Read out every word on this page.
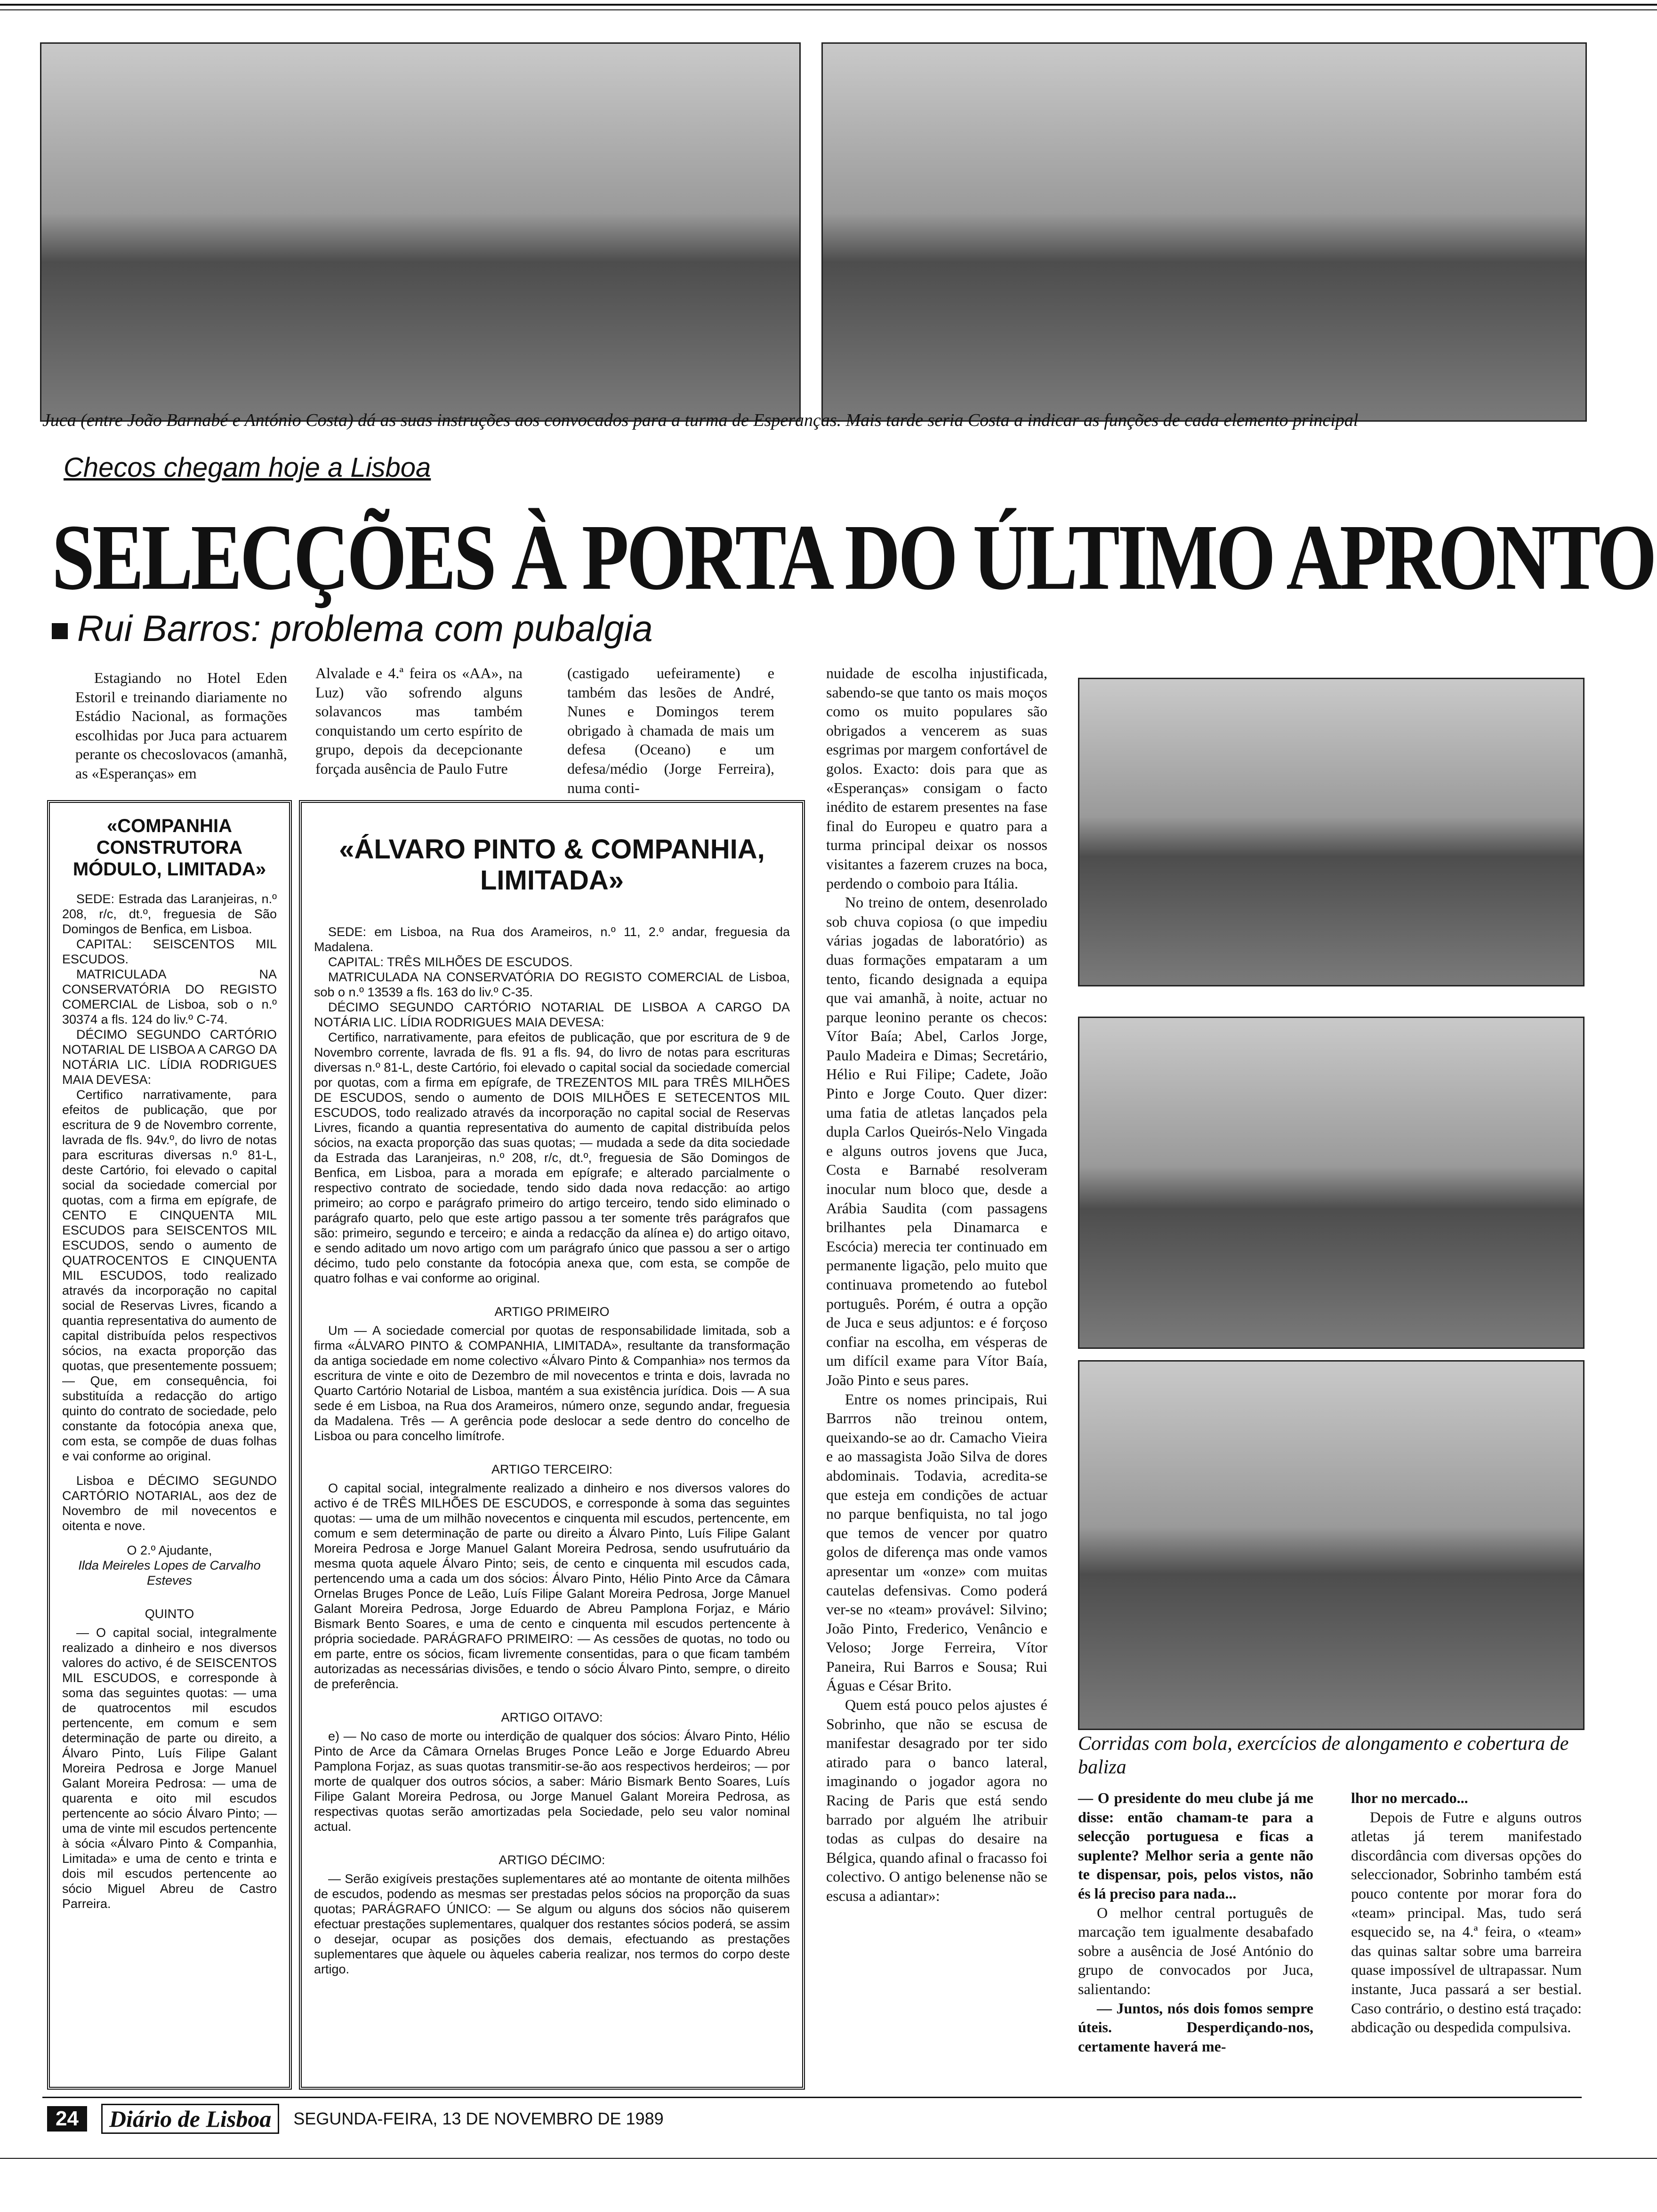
Juca (entre João Barnabé e António Costa) dá as suas instruções aos convocados para a turma de Esperanças. Mais tarde seria Costa a indicar as funções de cada elemento principal
Checos chegam hoje a Lisboa
SELECÇÕES À PORTA DO ÚLTIMO APRONTO
Rui Barros: problema com pubalgia

Estagiando no Hotel Eden Estoril e treinando diariamente no Estádio Nacional, as formações escolhidas por Juca para actuarem perante os checoslovacos (amanhã, as «Esperanças» em

Alvalade e 4.ª feira os «AA», na Luz) vão sofrendo alguns solavancos mas também conquistando um certo espírito de grupo, depois da decepcionante forçada ausência de Paulo Futre

(castigado uefeiramente) e também das lesões de André, Nunes e Domingos terem obrigado à chamada de mais um defesa (Oceano) e um defesa/médio (Jorge Ferreira), numa conti-

«COMPANHIA CONSTRUTORA MÓDULO, LIMITADA»

SEDE: Estrada das Laranjeiras, n.º 208, r/c, dt.º, freguesia de São Domingos de Benfica, em Lisboa.

CAPITAL: SEISCENTOS MIL ESCUDOS.

MATRICULADA NA CONSERVATÓRIA DO REGISTO COMERCIAL de Lisboa, sob o n.º 30374 a fls. 124 do liv.º C-74.

DÉCIMO SEGUNDO CARTÓRIO NOTARIAL DE LISBOA A CARGO DA NOTÁRIA LIC. LÍDIA RODRIGUES MAIA DEVESA:

Certifico narrativamente, para efeitos de publicação, que por escritura de 9 de Novembro corrente, lavrada de fls. 94v.º, do livro de notas para escrituras diversas n.º 81-L, deste Cartório, foi elevado o capital social da sociedade comercial por quotas, com a firma em epígrafe, de CENTO E CINQUENTA MIL ESCUDOS para SEISCENTOS MIL ESCUDOS, sendo o aumento de QUATROCENTOS E CINQUENTA MIL ESCUDOS, todo realizado através da incorporação no capital social de Reservas Livres, ficando a quantia representativa do aumento de capital distribuída pelos respectivos sócios, na exacta proporção das quotas, que presentemente possuem; — Que, em consequência, foi substituída a redacção do artigo quinto do contrato de sociedade, pelo constante da fotocópia anexa que, com esta, se compõe de duas folhas e vai conforme ao original.

Lisboa e DÉCIMO SEGUNDO CARTÓRIO NOTARIAL, aos dez de Novembro de mil novecentos e oitenta e nove.

O 2.º Ajudante,
Ilda Meireles Lopes de Carvalho Esteves
QUINTO

— O capital social, integralmente realizado a dinheiro e nos diversos valores do activo, é de SEISCENTOS MIL ESCUDOS, e corresponde à soma das seguintes quotas: — uma de quatrocentos mil escudos pertencente, em comum e sem determinação de parte ou direito, a Álvaro Pinto, Luís Filipe Galant Moreira Pedrosa e Jorge Manuel Galant Moreira Pedrosa: — uma de quarenta e oito mil escudos pertencente ao sócio Álvaro Pinto; — uma de vinte mil escudos pertencente à sócia «Álvaro Pinto & Companhia, Limitada» e uma de cento e trinta e dois mil escudos pertencente ao sócio Miguel Abreu de Castro Parreira.

«ÁLVARO PINTO & COMPANHIA, LIMITADA»

SEDE: em Lisboa, na Rua dos Arameiros, n.º 11, 2.º andar, freguesia da Madalena.

CAPITAL: TRÊS MILHÕES DE ESCUDOS.

MATRICULADA NA CONSERVATÓRIA DO REGISTO COMERCIAL de Lisboa, sob o n.º 13539 a fls. 163 do liv.º C-35.

DÉCIMO SEGUNDO CARTÓRIO NOTARIAL DE LISBOA A CARGO DA NOTÁRIA LIC. LÍDIA RODRIGUES MAIA DEVESA:

Certifico, narrativamente, para efeitos de publicação, que por escritura de 9 de Novembro corrente, lavrada de fls. 91 a fls. 94, do livro de notas para escrituras diversas n.º 81-L, deste Cartório, foi elevado o capital social da sociedade comercial por quotas, com a firma em epígrafe, de TREZENTOS MIL para TRÊS MILHÕES DE ESCUDOS, sendo o aumento de DOIS MILHÕES E SETECENTOS MIL ESCUDOS, todo realizado através da incorporação no capital social de Reservas Livres, ficando a quantia representativa do aumento de capital distribuída pelos sócios, na exacta proporção das suas quotas; — mudada a sede da dita sociedade da Estrada das Laranjeiras, n.º 208, r/c, dt.º, freguesia de São Domingos de Benfica, em Lisboa, para a morada em epígrafe; e alterado parcialmente o respectivo contrato de sociedade, tendo sido dada nova redacção: ao artigo primeiro; ao corpo e parágrafo primeiro do artigo terceiro, tendo sido eliminado o parágrafo quarto, pelo que este artigo passou a ter somente três parágrafos que são: primeiro, segundo e terceiro; e ainda a redacção da alínea e) do artigo oitavo, e sendo aditado um novo artigo com um parágrafo único que passou a ser o artigo décimo, tudo pelo constante da fotocópia anexa que, com esta, se compõe de quatro folhas e vai conforme ao original.

ARTIGO PRIMEIRO

Um — A sociedade comercial por quotas de responsabilidade limitada, sob a firma «ÁLVARO PINTO & COMPANHIA, LIMITADA», resultante da transformação da antiga sociedade em nome colectivo «Álvaro Pinto & Companhia» nos termos da escritura de vinte e oito de Dezembro de mil novecentos e trinta e dois, lavrada no Quarto Cartório Notarial de Lisboa, mantém a sua existência jurídica. Dois — A sua sede é em Lisboa, na Rua dos Arameiros, número onze, segundo andar, freguesia da Madalena. Três — A gerência pode deslocar a sede dentro do concelho de Lisboa ou para concelho limítrofe.

ARTIGO TERCEIRO:

O capital social, integralmente realizado a dinheiro e nos diversos valores do activo é de TRÊS MILHÕES DE ESCUDOS, e corresponde à soma das seguintes quotas: — uma de um milhão novecentos e cinquenta mil escudos, pertencente, em comum e sem determinação de parte ou direito a Álvaro Pinto, Luís Filipe Galant Moreira Pedrosa e Jorge Manuel Galant Moreira Pedrosa, sendo usufrutuário da mesma quota aquele Álvaro Pinto; seis, de cento e cinquenta mil escudos cada, pertencendo uma a cada um dos sócios: Álvaro Pinto, Hélio Pinto Arce da Câmara Ornelas Bruges Ponce de Leão, Luís Filipe Galant Moreira Pedrosa, Jorge Manuel Galant Moreira Pedrosa, Jorge Eduardo de Abreu Pamplona Forjaz, e Mário Bismark Bento Soares, e uma de cento e cinquenta mil escudos pertencente à própria sociedade. PARÁGRAFO PRIMEIRO: — As cessões de quotas, no todo ou em parte, entre os sócios, ficam livremente consentidas, para o que ficam também autorizadas as necessárias divisões, e tendo o sócio Álvaro Pinto, sempre, o direito de preferência.

ARTIGO OITAVO:

e) — No caso de morte ou interdição de qualquer dos sócios: Álvaro Pinto, Hélio Pinto de Arce da Câmara Ornelas Bruges Ponce Leão e Jorge Eduardo Abreu Pamplona Forjaz, as suas quotas transmitir-se-ão aos respectivos herdeiros; — por morte de qualquer dos outros sócios, a saber: Mário Bismark Bento Soares, Luís Filipe Galant Moreira Pedrosa, ou Jorge Manuel Galant Moreira Pedrosa, as respectivas quotas serão amortizadas pela Sociedade, pelo seu valor nominal actual.

ARTIGO DÉCIMO:

— Serão exigíveis prestações suplementares até ao montante de oitenta milhões de escudos, podendo as mesmas ser prestadas pelos sócios na proporção da suas quotas; PARÁGRAFO ÚNICO: — Se algum ou alguns dos sócios não quiserem efectuar prestações suplementares, qualquer dos restantes sócios poderá, se assim o desejar, ocupar as posições dos demais, efectuando as prestações suplementares que àquele ou àqueles caberia realizar, nos termos do corpo deste artigo.

nuidade de escolha injustificada, sabendo-se que tanto os mais moços como os muito populares são obrigados a vencerem as suas esgrimas por margem confortável de golos. Exacto: dois para que as «Esperanças» consigam o facto inédito de estarem presentes na fase final do Europeu e quatro para a turma principal deixar os nossos visitantes a fazerem cruzes na boca, perdendo o comboio para Itália.

No treino de ontem, desenrolado sob chuva copiosa (o que impediu várias jogadas de laboratório) as duas formações empataram a um tento, ficando designada a equipa que vai amanhã, à noite, actuar no parque leonino perante os checos: Vítor Baía; Abel, Carlos Jorge, Paulo Madeira e Dimas; Secretário, Hélio e Rui Filipe; Cadete, João Pinto e Jorge Couto. Quer dizer: uma fatia de atletas lançados pela dupla Carlos Queirós-Nelo Vingada e alguns outros jovens que Juca, Costa e Barnabé resolveram inocular num bloco que, desde a Arábia Saudita (com passagens brilhantes pela Dinamarca e Escócia) merecia ter continuado em permanente ligação, pelo muito que continuava prometendo ao futebol português. Porém, é outra a opção de Juca e seus adjuntos: e é forçoso confiar na escolha, em vésperas de um difícil exame para Vítor Baía, João Pinto e seus pares.

Entre os nomes principais, Rui Barrros não treinou ontem, queixando-se ao dr. Camacho Vieira e ao massagista João Silva de dores abdominais. Todavia, acredita-se que esteja em condições de actuar no parque benfiquista, no tal jogo que temos de vencer por quatro golos de diferença mas onde vamos apresentar um «onze» com muitas cautelas defensivas. Como poderá ver-se no «team» provável: Silvino; João Pinto, Frederico, Venâncio e Veloso; Jorge Ferreira, Vítor Paneira, Rui Barros e Sousa; Rui Águas e César Brito.

Quem está pouco pelos ajustes é Sobrinho, que não se escusa de manifestar desagrado por ter sido atirado para o banco lateral, imaginando o jogador agora no Racing de Paris que está sendo barrado por alguém lhe atribuir todas as culpas do desaire na Bélgica, quando afinal o fracasso foi colectivo. O antigo belenense não se escusa a adiantar»:

Corridas com bola, exercícios de alongamento e cobertura de baliza

— O presidente do meu clube já me disse: então chamam-te para a selecção portuguesa e ficas a suplente? Melhor seria a gente não te dispensar, pois, pelos vistos, não és lá preciso para nada...

O melhor central português de marcação tem igualmente desabafado sobre a ausência de José António do grupo de convocados por Juca, salientando:

— Juntos, nós dois fomos sempre úteis. Desperdiçando-nos, certamente haverá me-

lhor no mercado...

Depois de Futre e alguns outros atletas já terem manifestado discordância com diversas opções do seleccionador, Sobrinho também está pouco contente por morar fora do «team» principal. Mas, tudo será esquecido se, na 4.ª feira, o «team» das quinas saltar sobre uma barreira quase impossível de ultrapassar. Num instante, Juca passará a ser bestial. Caso contrário, o destino está traçado: abdicação ou despedida compulsiva.

24	Diário de Lisboa	SEGUNDA-FEIRA, 13 DE NOVEMBRO DE 1989
